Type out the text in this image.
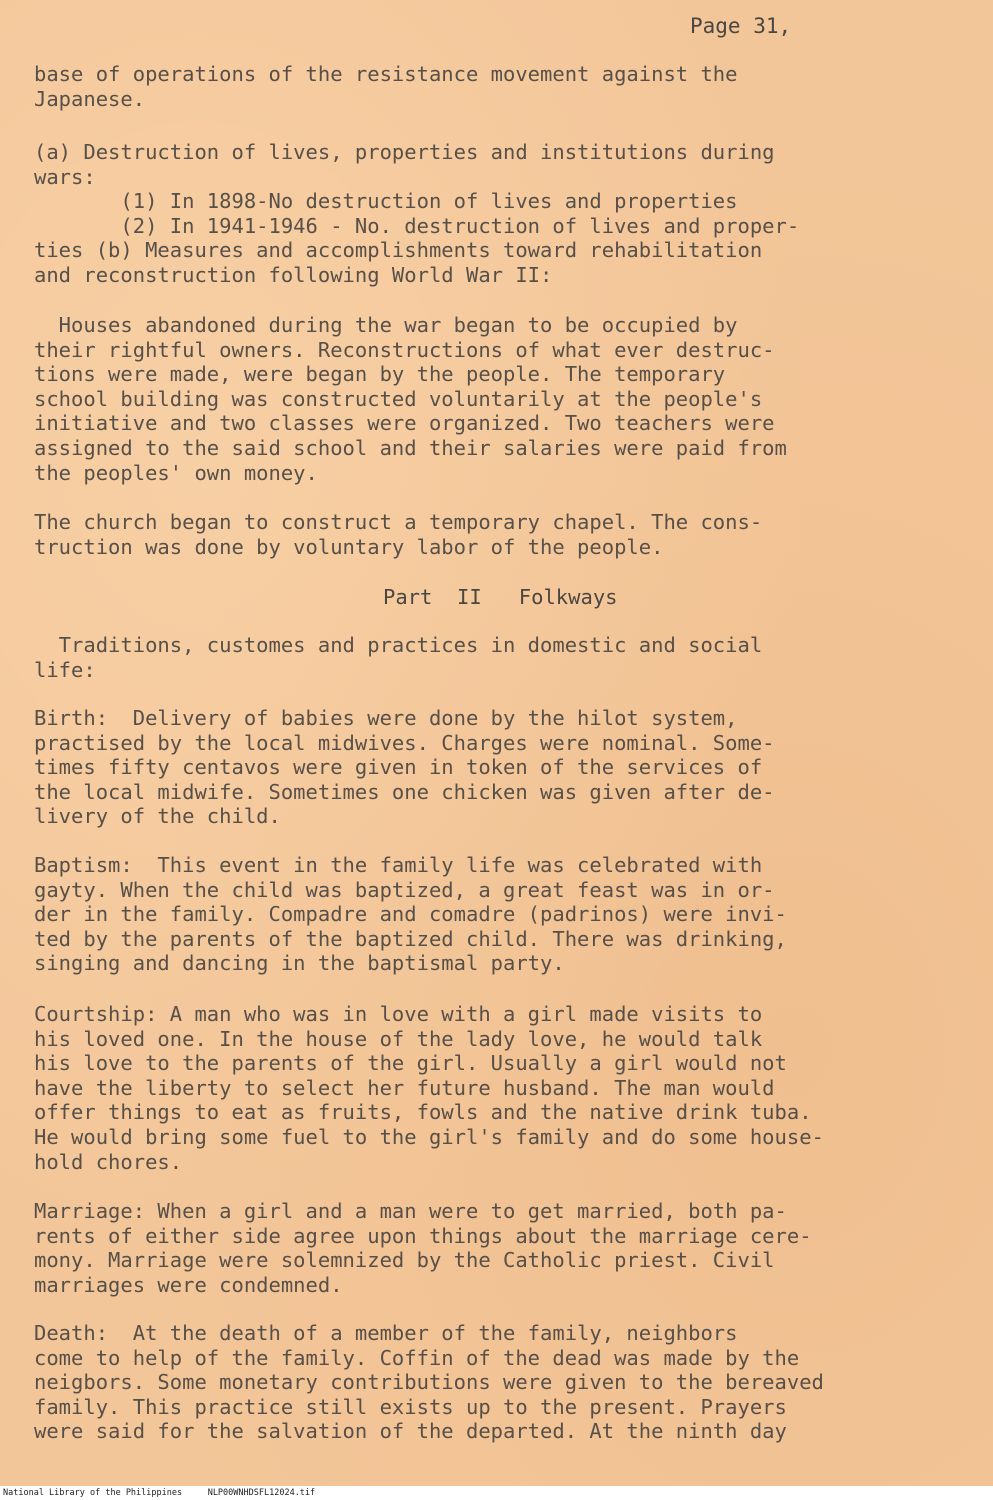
Page 31,
base of operations of the resistance movement against the
Japanese.
(a) Destruction of lives, properties and institutions during
wars:
(1) In 1898-No destruction of lives and properties
(2) In 1941-1946 - No. destruction of lives and proper-
ties (b) Measures and accomplishments toward rehabilitation
and reconstruction following World War II:
Houses abandoned during the war began to be occupied by
their rightful owners. Reconstructions of what ever destruc-
tions were made, were began by the people. The temporary
school building was constructed voluntarily at the people's
initiative and two classes were organized. Two teachers were
assigned to the said school and their salaries were paid from
the peoples' own money.
The church began to construct a temporary chapel. The cons-
truction was done by voluntary labor of the people.
Part  II   Folkways
Traditions, customes and practices in domestic and social
life:
Birth:  Delivery of babies were done by the hilot system,
practised by the local midwives. Charges were nominal. Some-
times fifty centavos were given in token of the services of
the local midwife. Sometimes one chicken was given after de-
livery of the child.
Baptism:  This event in the family life was celebrated with
gayty. When the child was baptized, a great feast was in or-
der in the family. Compadre and comadre (padrinos) were invi-
ted by the parents of the baptized child. There was drinking,
singing and dancing in the baptismal party.
Courtship: A man who was in love with a girl made visits to
his loved one. In the house of the lady love, he would talk
his love to the parents of the girl. Usually a girl would not
have the liberty to select her future husband. The man would
offer things to eat as fruits, fowls and the native drink tuba.
He would bring some fuel to the girl's family and do some house-
hold chores.
Marriage: When a girl and a man were to get married, both pa-
rents of either side agree upon things about the marriage cere-
mony. Marriage were solemnized by the Catholic priest. Civil
marriages were condemned.
Death:  At the death of a member of the family, neighbors
come to help of the family. Coffin of the dead was made by the
neigbors. Some monetary contributions were given to the bereaved
family. This practice still exists up to the present. Prayers
were said for the salvation of the departed. At the ninth day
National Library of the Philippines     NLP00WNHDSFL12024.tif
